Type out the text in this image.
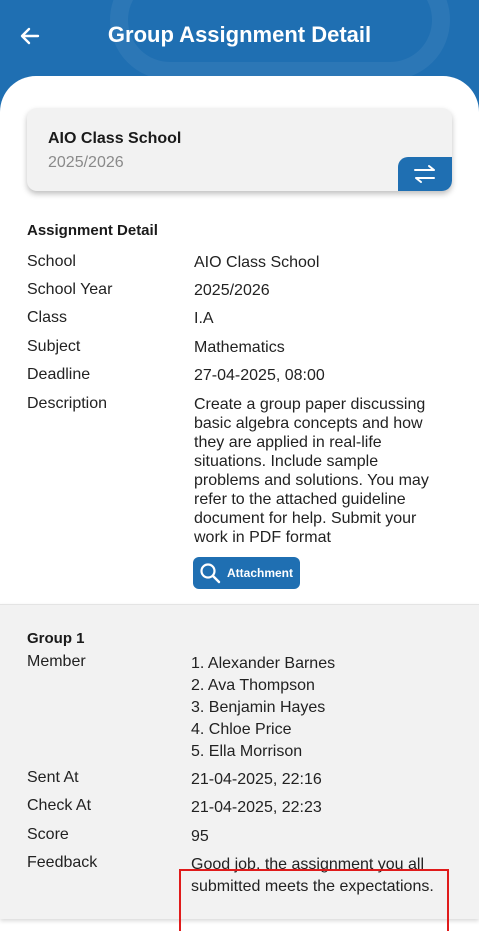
Group Assignment Detail
AIO Class School
2025/2026
Assignment Detail
School	AIO Class School
School Year	2025/2026
Class	I.A
Subject	Mathematics
Deadline	27-04-2025, 08:00
Description	Create a group paper discussing basic algebra concepts and how they are applied in real-life situations. Include sample problems and solutions. You may refer to the attached guideline document for help. Submit your work in PDF format
Attachment
Group 1
Member	1. Alexander Barnes
2. Ava Thompson
3. Benjamin Hayes
4. Chloe Price
5. Ella Morrison
Sent At	21-04-2025, 22:16
Check At	21-04-2025, 22:23
Score	95
Feedback	Good job, the assignment you all submitted meets the expectations.
